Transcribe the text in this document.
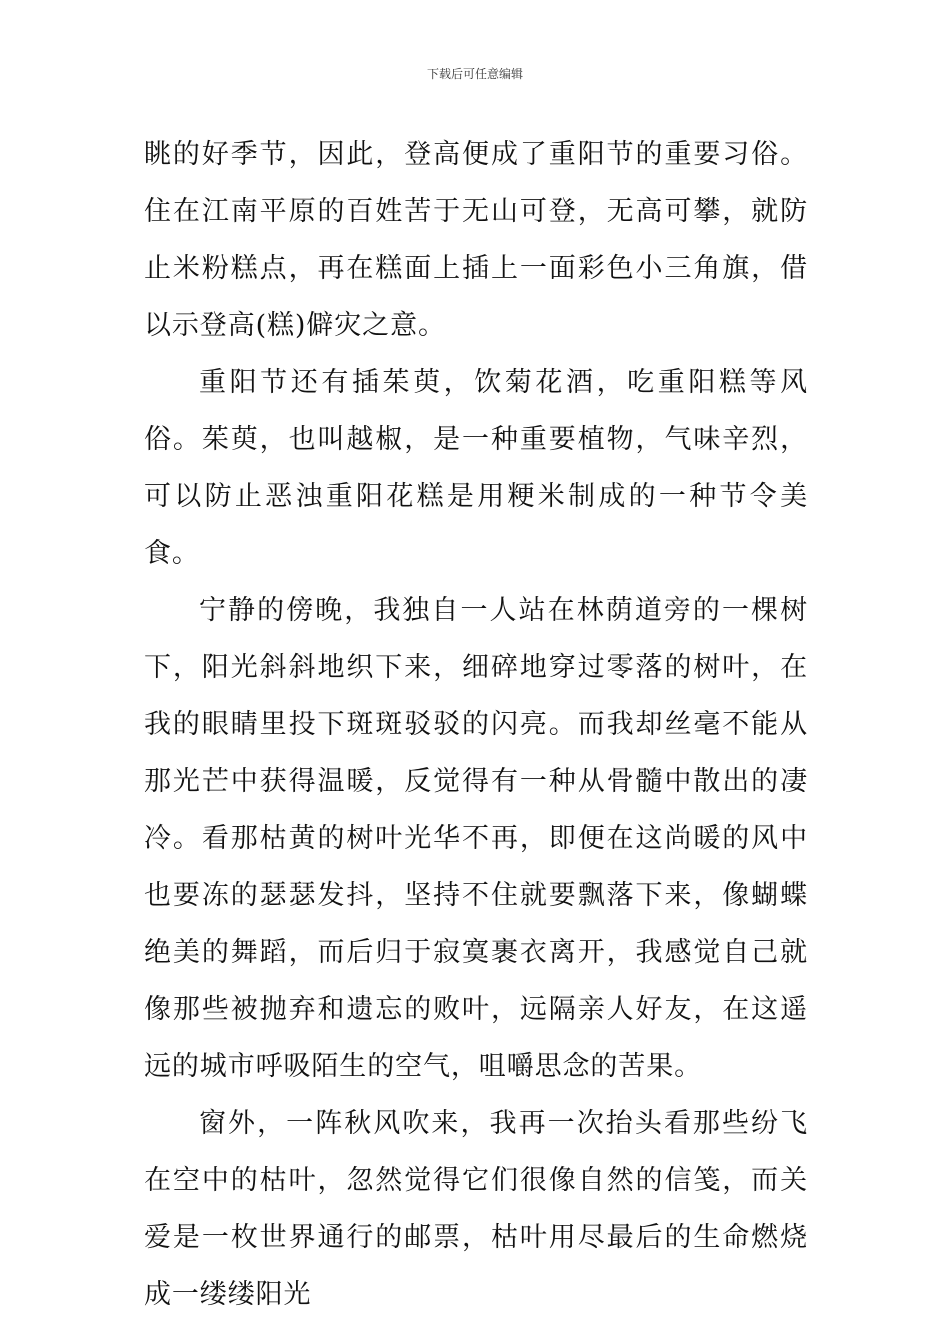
下载后可任意编辑

眺的好季节，因此，登高便成了重阳节的重要习俗。住在江南平原的百姓苦于无山可登，无高可攀，就防止米粉糕点，再在糕面上插上一面彩色小三角旗，借以示登高(糕)僻灾之意。

重阳节还有插茱萸，饮菊花酒，吃重阳糕等风俗。茱萸，也叫越椒，是一种重要植物，气味辛烈，可以防止恶浊重阳花糕是用粳米制成的一种节令美食。

宁静的傍晚，我独自一人站在林荫道旁的一棵树下，阳光斜斜地织下来，细碎地穿过零落的树叶，在我的眼睛里投下斑斑驳驳的闪亮。而我却丝毫不能从那光芒中获得温暖，反觉得有一种从骨髓中散出的凄冷。看那枯黄的树叶光华不再，即便在这尚暖的风中也要冻的瑟瑟发抖，坚持不住就要飘落下来，像蝴蝶绝美的舞蹈，而后归于寂寞裹衣离开，我感觉自己就像那些被抛弃和遗忘的败叶，远隔亲人好友，在这遥远的城市呼吸陌生的空气，咀嚼思念的苦果。

窗外，一阵秋风吹来，我再一次抬头看那些纷飞在空中的枯叶，忽然觉得它们很像自然的信笺，而关爱是一枚世界通行的邮票，枯叶用尽最后的生命燃烧成一缕缕阳光
